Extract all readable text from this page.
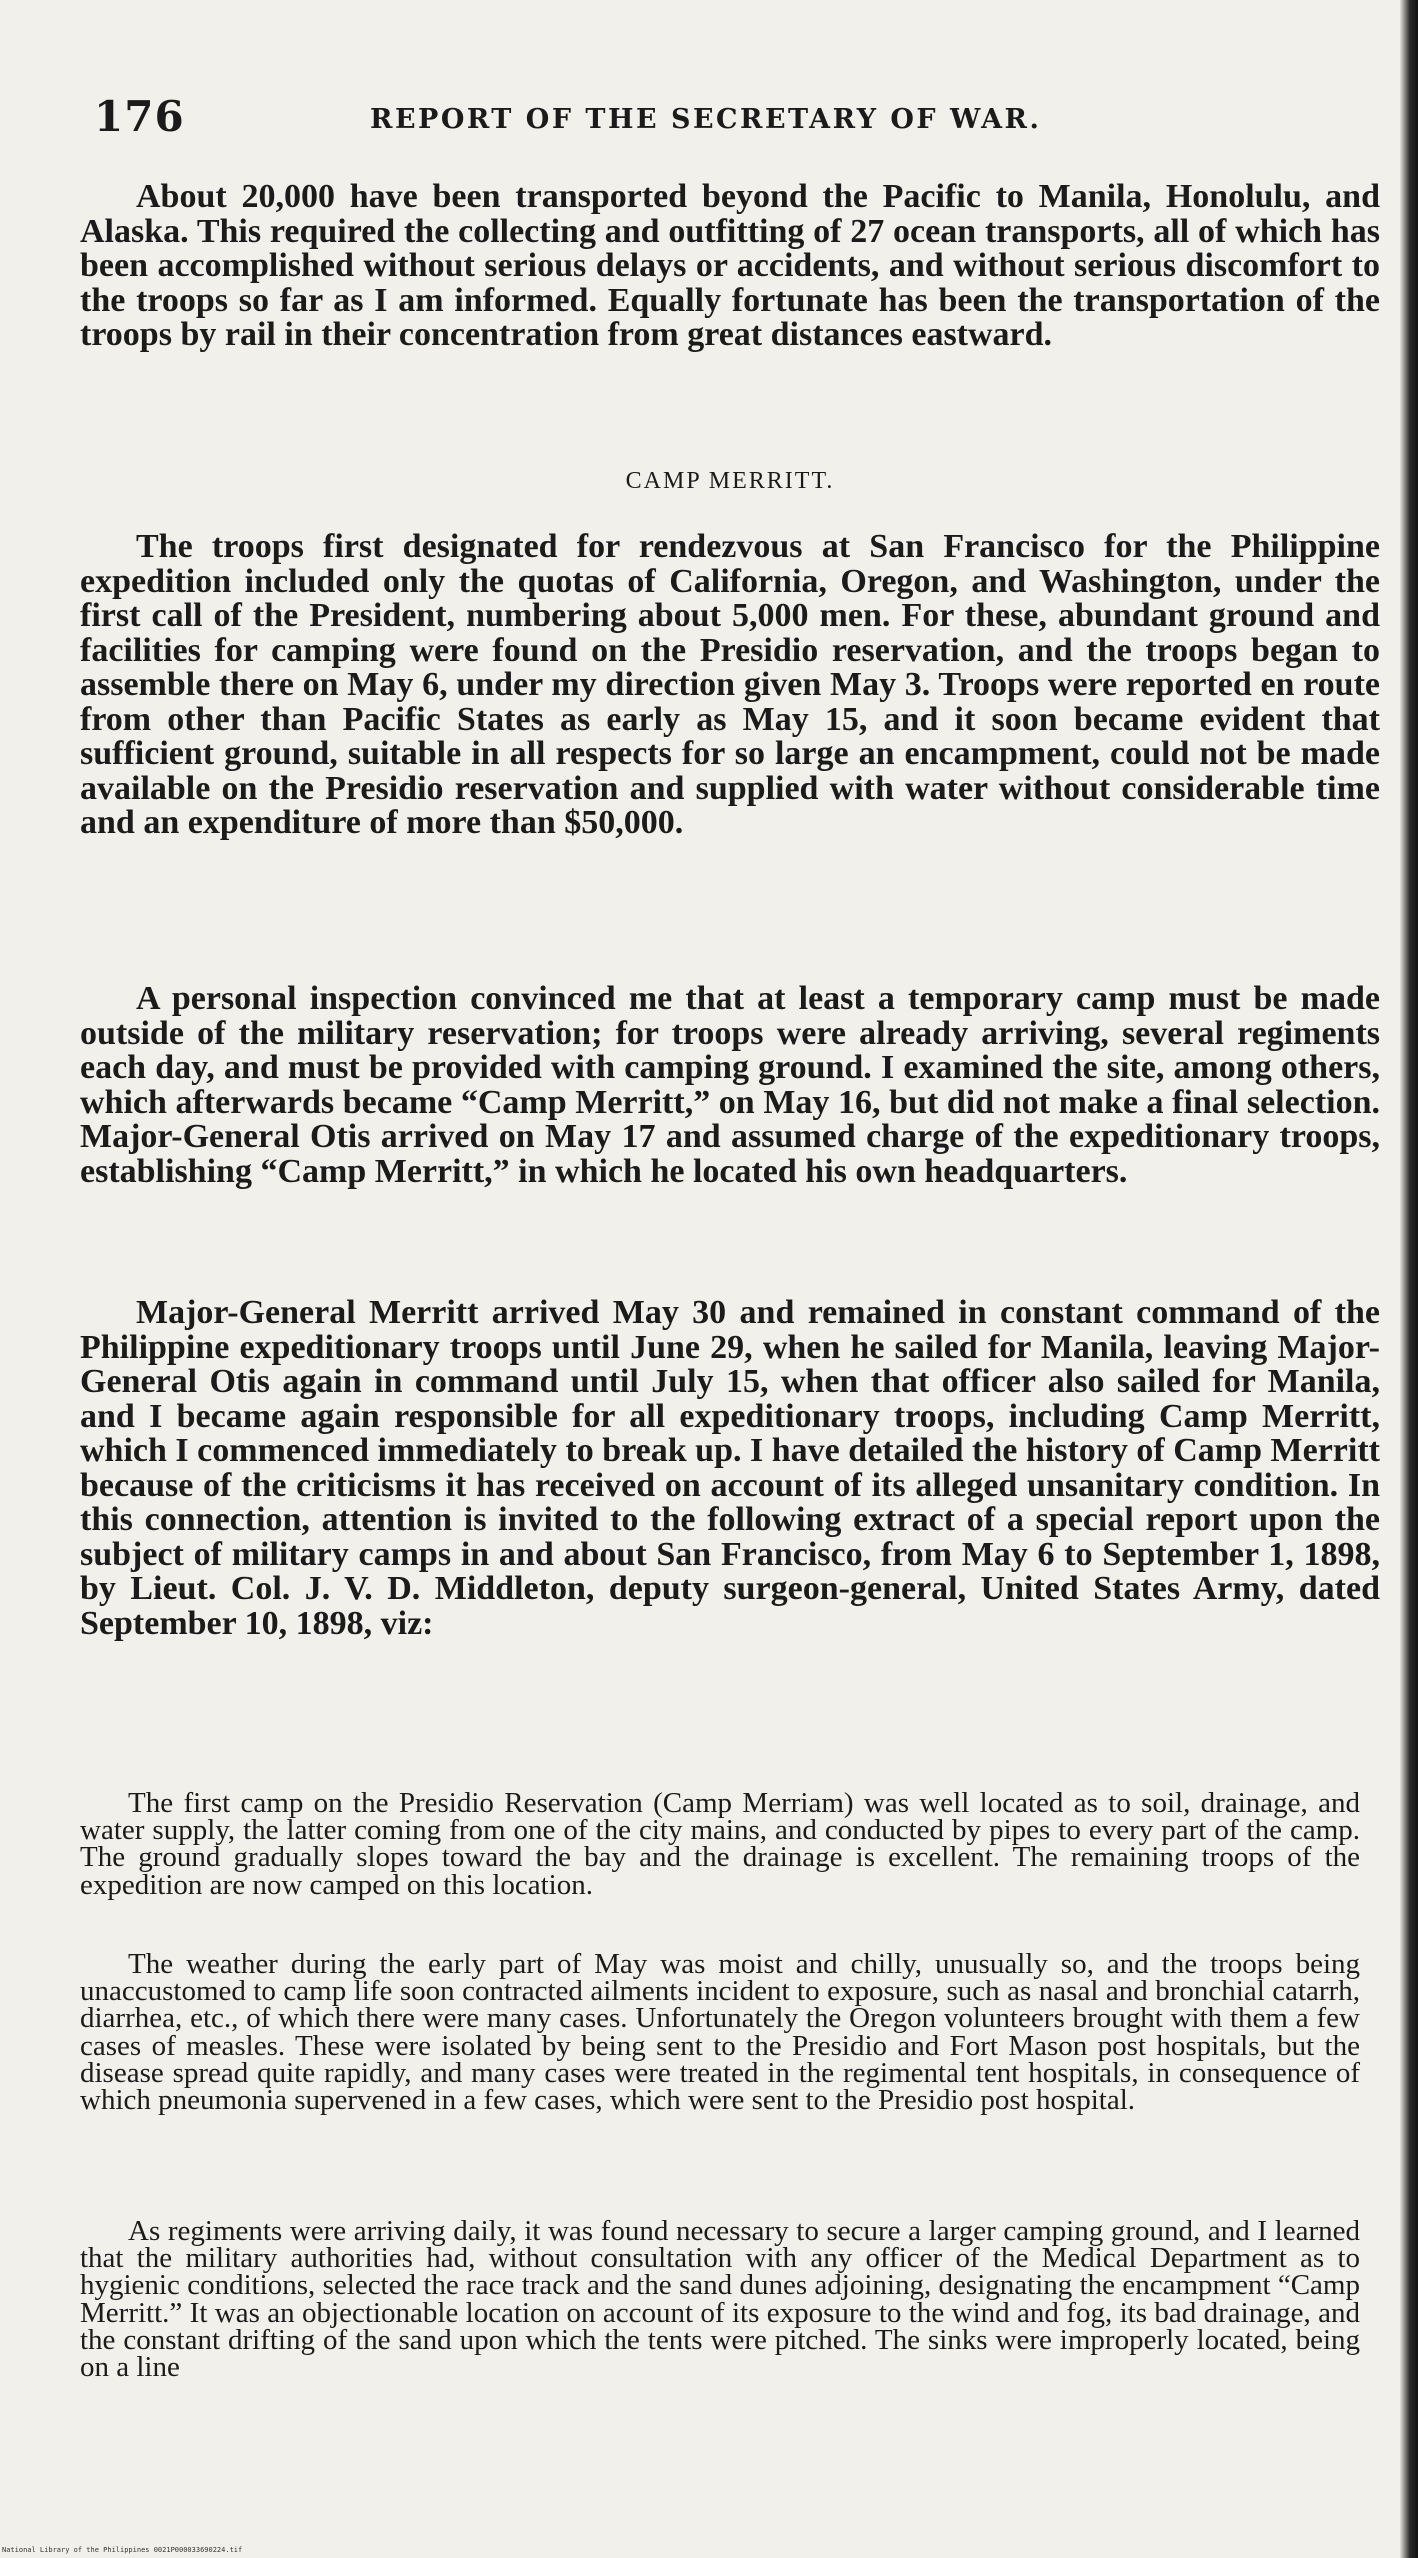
176	REPORT OF THE SECRETARY OF WAR.

About 20,000 have been transported beyond the Pacific to Manila, Honolulu, and Alaska. This required the collecting and outfitting of 27 ocean transports, all of which has been accomplished without serious delays or accidents, and without serious discomfort to the troops so far as I am informed. Equally fortunate has been the transportation of the troops by rail in their concentration from great distances eastward.

CAMP MERRITT.

The troops first designated for rendezvous at San Francisco for the Philippine expedition included only the quotas of California, Oregon, and Washington, under the first call of the President, numbering about 5,000 men. For these, abundant ground and facilities for camping were found on the Presidio reservation, and the troops began to assemble there on May 6, under my direction given May 3. Troops were reported en route from other than Pacific States as early as May 15, and it soon became evident that sufficient ground, suitable in all respects for so large an encampment, could not be made available on the Presidio reservation and supplied with water without considerable time and an expenditure of more than $50,000.

A personal inspection convinced me that at least a temporary camp must be made outside of the military reservation; for troops were already arriving, several regiments each day, and must be provided with camping ground. I examined the site, among others, which afterwards became “Camp Merritt,” on May 16, but did not make a final selection. Major-General Otis arrived on May 17 and assumed charge of the expeditionary troops, establishing “Camp Merritt,” in which he located his own headquarters.

Major-General Merritt arrived May 30 and remained in constant command of the Philippine expeditionary troops until June 29, when he sailed for Manila, leaving Major-General Otis again in command until July 15, when that officer also sailed for Manila, and I became again responsible for all expeditionary troops, including Camp Merritt, which I commenced immediately to break up. I have detailed the history of Camp Merritt because of the criticisms it has received on account of its alleged unsanitary condition. In this connection, attention is invited to the following extract of a special report upon the subject of military camps in and about San Francisco, from May 6 to September 1, 1898, by Lieut. Col. J. V. D. Middleton, deputy surgeon-general, United States Army, dated September 10, 1898, viz:

The first camp on the Presidio Reservation (Camp Merriam) was well located as to soil, drainage, and water supply, the latter coming from one of the city mains, and conducted by pipes to every part of the camp. The ground gradually slopes toward the bay and the drainage is excellent. The remaining troops of the expedition are now camped on this location.

The weather during the early part of May was moist and chilly, unusually so, and the troops being unaccustomed to camp life soon contracted ailments incident to exposure, such as nasal and bronchial catarrh, diarrhea, etc., of which there were many cases. Unfortunately the Oregon volunteers brought with them a few cases of measles. These were isolated by being sent to the Presidio and Fort Mason post hospitals, but the disease spread quite rapidly, and many cases were treated in the regimental tent hospitals, in consequence of which pneumonia supervened in a few cases, which were sent to the Presidio post hospital.

As regiments were arriving daily, it was found necessary to secure a larger camping ground, and I learned that the military authorities had, without consultation with any officer of the Medical Department as to hygienic conditions, selected the race track and the sand dunes adjoining, designating the encampment “Camp Merritt.” It was an objectionable location on account of its exposure to the wind and fog, its bad drainage, and the constant drifting of the sand upon which the tents were pitched. The sinks were improperly located, being on a line

National Library of the Philippines 0021P000033690224.tif
